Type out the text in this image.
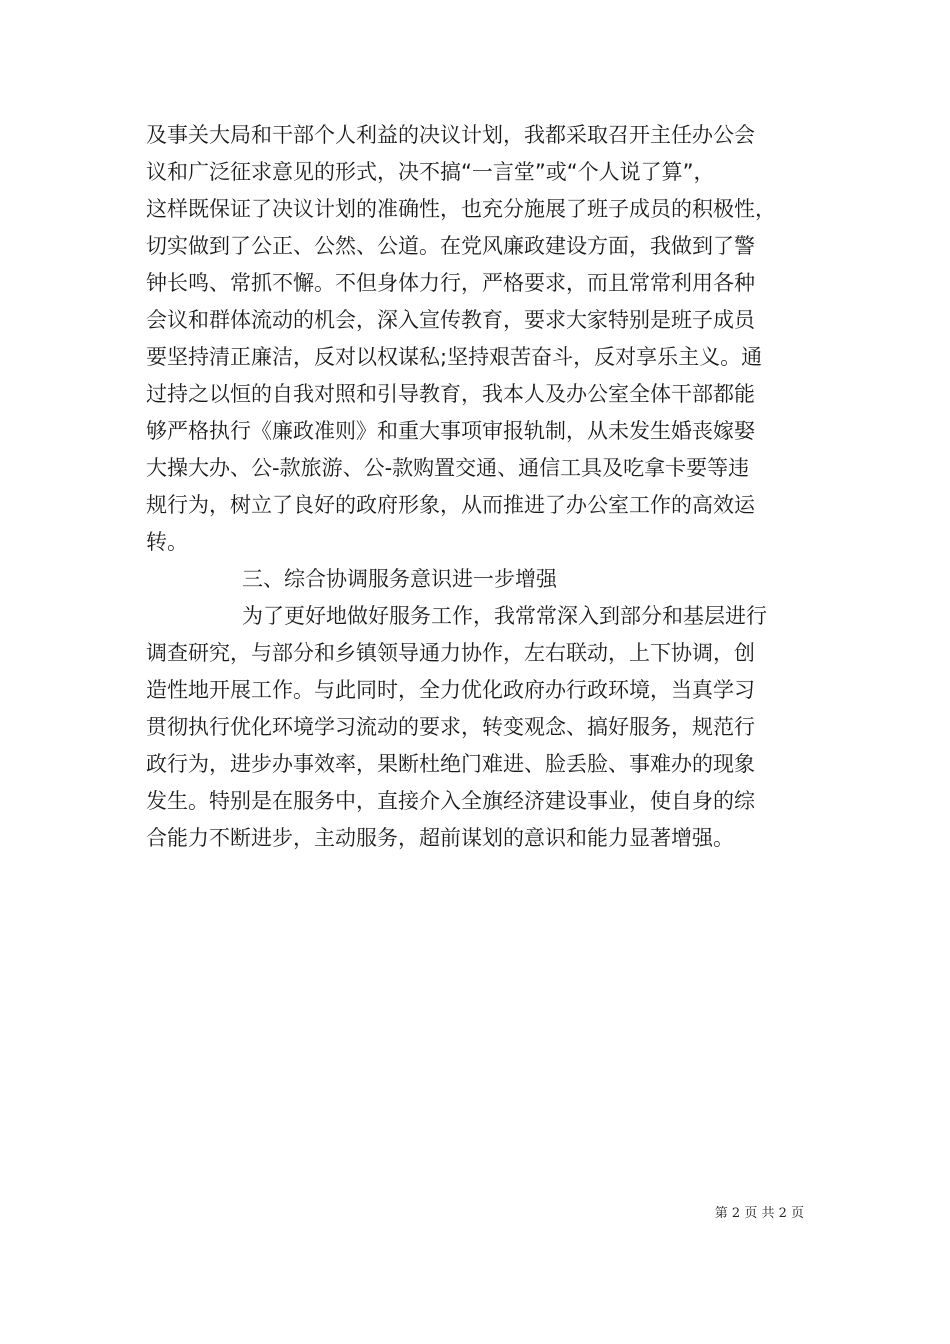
及事关大局和干部个人利益的决议计划，我都采取召开主任办公会
议和广泛征求意见的形式，决不搞“一言堂”或“个人说了算”，
这样既保证了决议计划的准确性，也充分施展了班子成员的积极性，
切实做到了公正、公然、公道。在党风廉政建设方面，我做到了警
钟长鸣、常抓不懈。不但身体力行，严格要求，而且常常利用各种
会议和群体流动的机会，深入宣传教育，要求大家特别是班子成员
要坚持清正廉洁，反对以权谋私;坚持艰苦奋斗，反对享乐主义。通
过持之以恒的自我对照和引导教育，我本人及办公室全体干部都能
够严格执行《廉政准则》和重大事项审报轨制，从未发生婚丧嫁娶
大操大办、公-款旅游、公-款购置交通、通信工具及吃拿卡要等违
规行为，树立了良好的政府形象，从而推进了办公室工作的高效运
转。
三、综合协调服务意识进一步增强
为了更好地做好服务工作，我常常深入到部分和基层进行
调查研究，与部分和乡镇领导通力协作，左右联动，上下协调，创
造性地开展工作。与此同时，全力优化政府办行政环境，当真学习
贯彻执行优化环境学习流动的要求，转变观念、搞好服务，规范行
政行为，进步办事效率，果断杜绝门难进、脸丢脸、事难办的现象
发生。特别是在服务中，直接介入全旗经济建设事业，使自身的综
合能力不断进步，主动服务，超前谋划的意识和能力显著增强。
第 2 页 共 2 页
